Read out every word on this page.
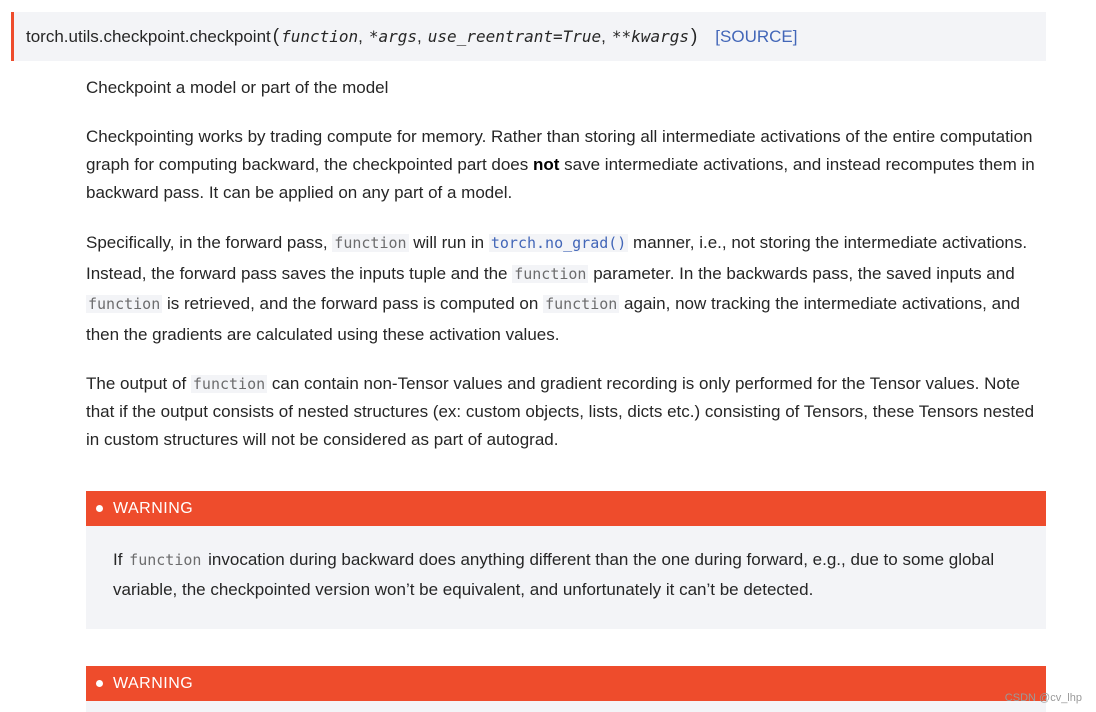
torch.utils.checkpoint.checkpoint ( function , *args , use_reentrant=True , **kwargs ) [SOURCE]

Checkpoint a model or part of the model

Checkpointing works by trading compute for memory. Rather than storing all intermediate activations of the entire computation graph for computing backward, the checkpointed part does not save intermediate activations, and instead recomputes them in backward pass. It can be applied on any part of a model.

Specifically, in the forward pass, function will run in torch.no_grad() manner, i.e., not storing the intermediate activations. Instead, the forward pass saves the inputs tuple and the function parameter. In the backwards pass, the saved inputs and function is retrieved, and the forward pass is computed on function again, now tracking the intermediate activations, and then the gradients are calculated using these activation values.

The output of function can contain non-Tensor values and gradient recording is only performed for the Tensor values. Note that if the output consists of nested structures (ex: custom objects, lists, dicts etc.) consisting of Tensors, these Tensors nested in custom structures will not be considered as part of autograd.

WARNING
If function invocation during backward does anything different than the one during forward, e.g., due to some global variable, the checkpointed version won’t be equivalent, and unfortunately it can’t be detected.
WARNING
CSDN @cv_lhp
